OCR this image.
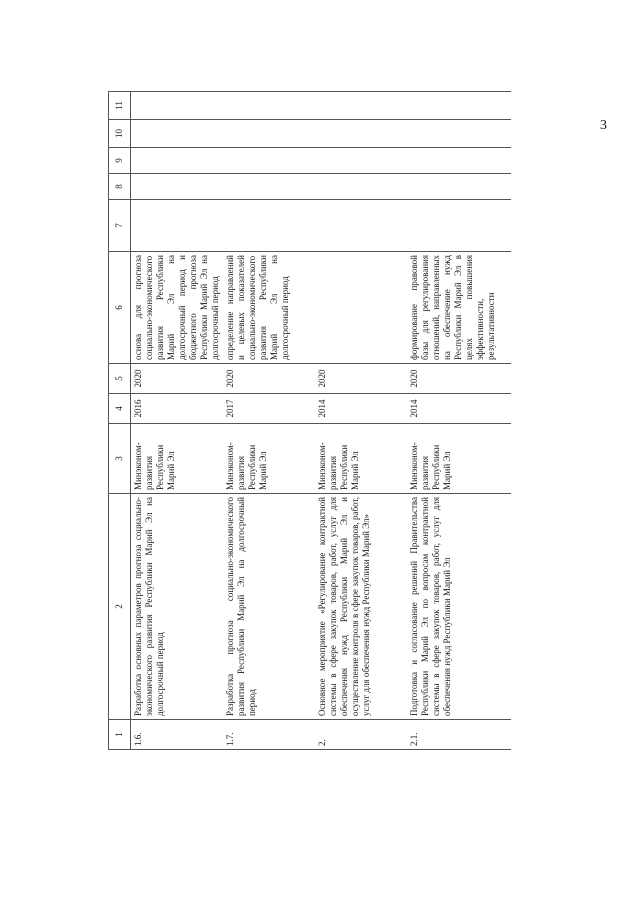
3
1	2	3	4	5	6	7	8	9	10	11
1.6.	Разработка основных параметров прогноза социально-экономического развития Республики Марий Эл на долгосрочный период	Минэконом-развития Республики Марий Эл	2016	2020	основа для прогноза социально-экономического развития Республики Марий Эл на долгосрочный период и бюджетного прогноза Республики Марий Эл на долгосрочный период					
1.7.	Разработка прогноза социально-экономического развития Республики Марий Эл на долгосрочный период	Минэконом-развития Республики Марий Эл	2017	2020	определение направлений и целевых показателей социально-экономического развития Республики Марий Эл на долгосрочный период					
2.	Основное мероприятие «Регулирование контрактной системы в сфере закупок товаров, работ, услуг для обеспечения нужд Республики Марий Эл и осуществление контроля в сфере закупок товаров, работ, услуг для обеспечения нужд Республики Марий Эл»	Минэконом-развития Республики Марий Эл	2014	2020						
2.1.	Подготовка и согласование решений Правительства Республики Марий Эл по вопросам контрактной системы в сфере закупок товаров, работ, услуг для обеспечения нужд Республики Марий Эл	Минэконом-развития Республики Марий Эл	2014	2020	формирование правовой базы для регулирования отношений, направленных на обеспечение нужд Республики Марий Эл в целях повышения эффективности, результативности					
